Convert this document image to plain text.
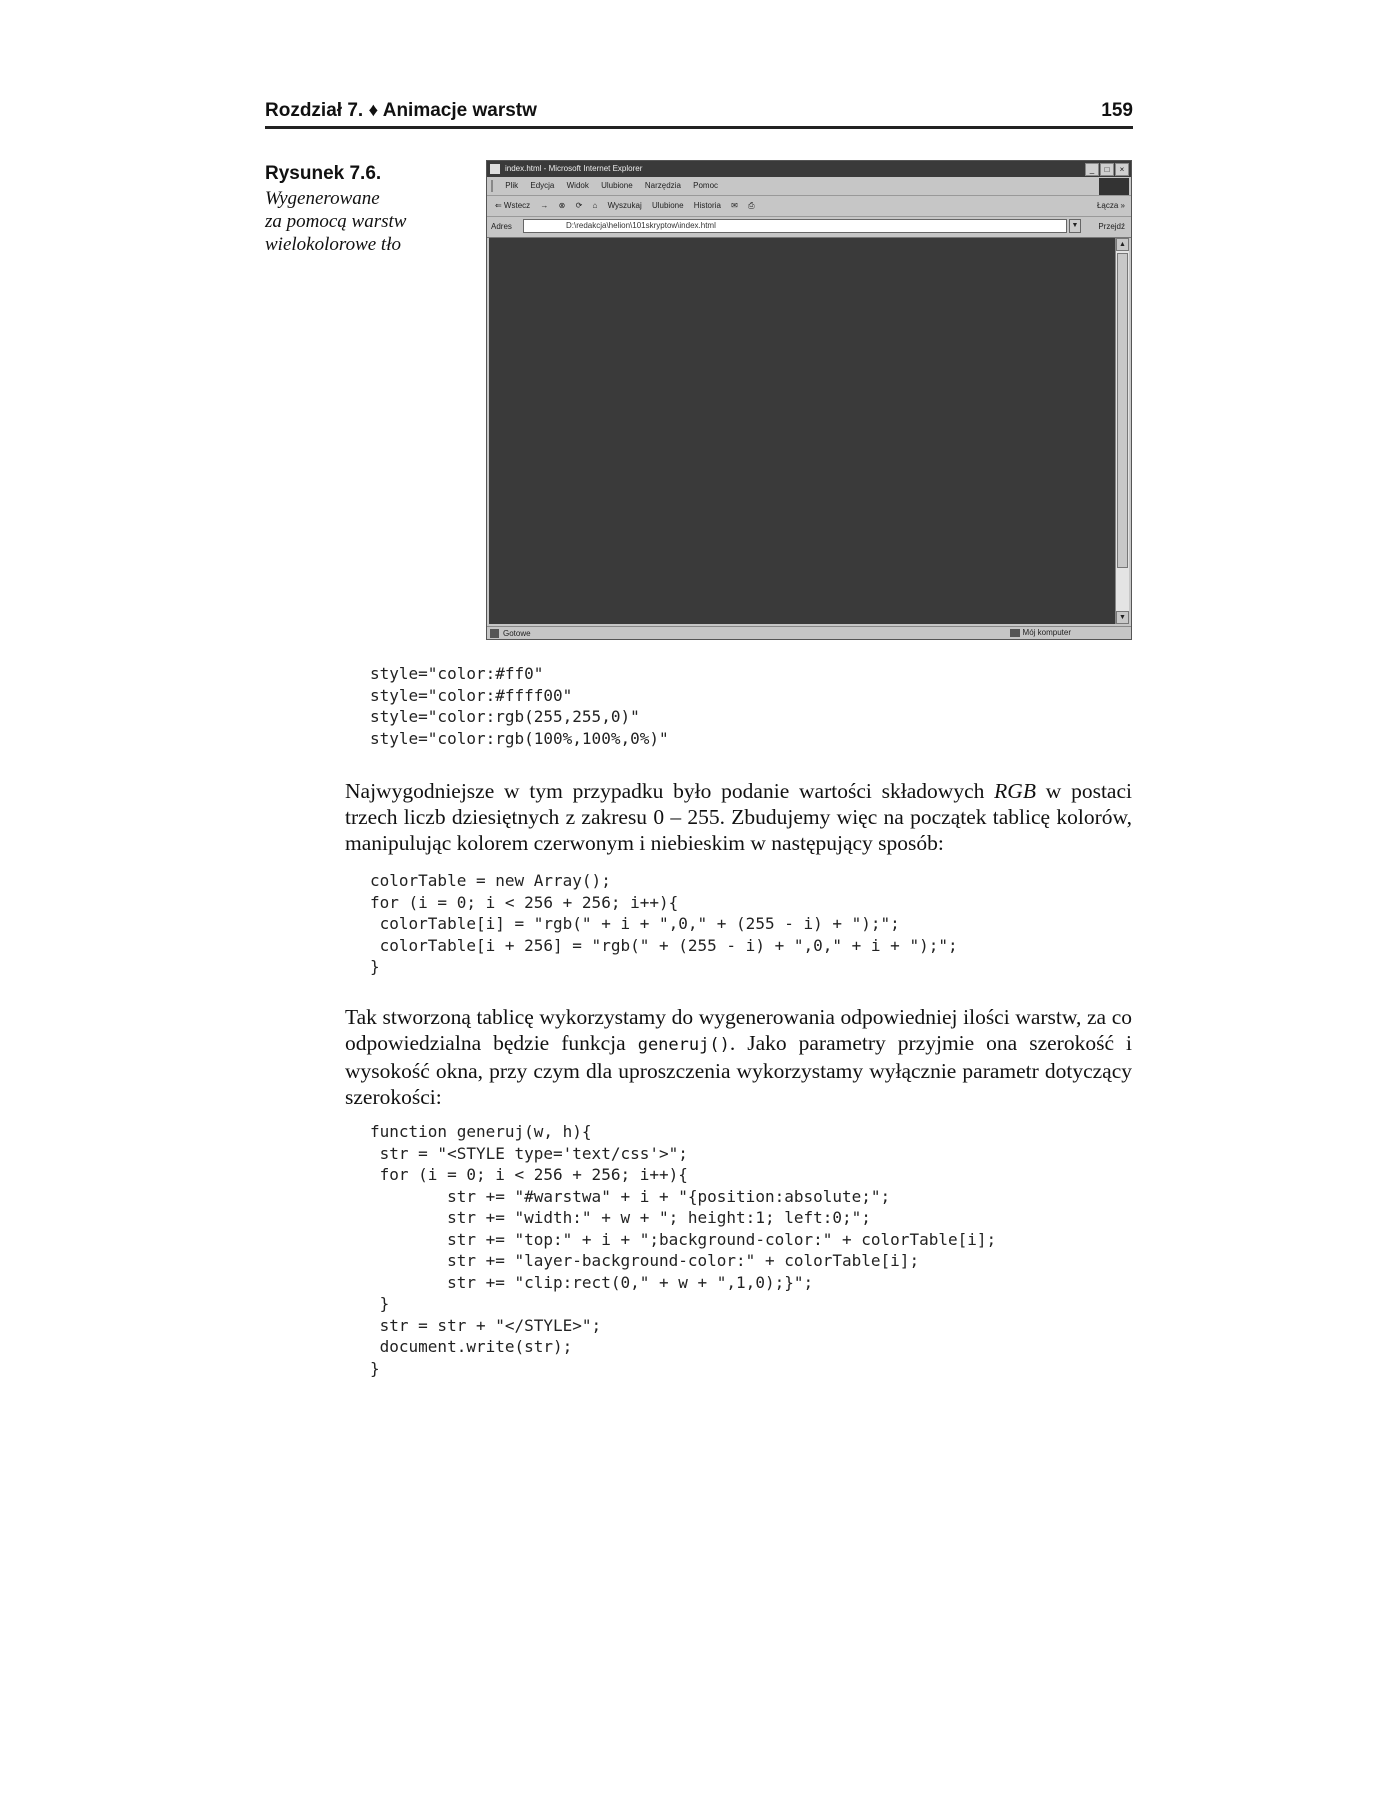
Rozdział 7. ♦ Animacje warstw	159
Rysunek 7.6.
Wygenerowane
za pomocą warstw
wielokolorowe tło
index.html - Microsoft Internet Explorer	_ □ ×
Plik Edycja Widok Ulubione Narzędzia Pomoc
⇐ Wstecz → ⊗ ⟳ ⌂ Wyszukaj Ulubione Historia ✉ ⎙	Łącza »
Adres	D:\redakcja\helion\101skryptow\index.html	▼	Przejdź
▲
▼
Gotowe	Mój komputer
style="color:#ff0"
style="color:#ffff00"
style="color:rgb(255,255,0)"
style="color:rgb(100%,100%,0%)"

Najwygodniejsze w tym przypadku było podanie wartości składowych RGB w postaci trzech liczb dziesiętnych z zakresu 0 – 255. Zbudujemy więc na początek tablicę kolorów, manipulując kolorem czerwonym i niebieskim w następujący sposób:

colorTable = new Array();
for (i = 0; i < 256 + 256; i++){
colorTable[i] = "rgb(" + i + ",0," + (255 - i) + ");";
colorTable[i + 256] = "rgb(" + (255 - i) + ",0," + i + ");";
}

Tak stworzoną tablicę wykorzystamy do wygenerowania odpowiedniej ilości warstw, za co odpowiedzialna będzie funkcja generuj(). Jako parametry przyjmie ona szerokość i wysokość okna, przy czym dla uproszczenia wykorzystamy wyłącznie parametr dotyczący szerokości:

function generuj(w, h){
str = "<STYLE type='text/css'>";
for (i = 0; i < 256 + 256; i++){
str += "#warstwa" + i + "{position:absolute;";
str += "width:" + w + "; height:1; left:0;";
str += "top:" + i + ";background-color:" + colorTable[i];
str += "layer-background-color:" + colorTable[i];
str += "clip:rect(0," + w + ",1,0);}";
}
str = str + "</STYLE>";
document.write(str);
}
